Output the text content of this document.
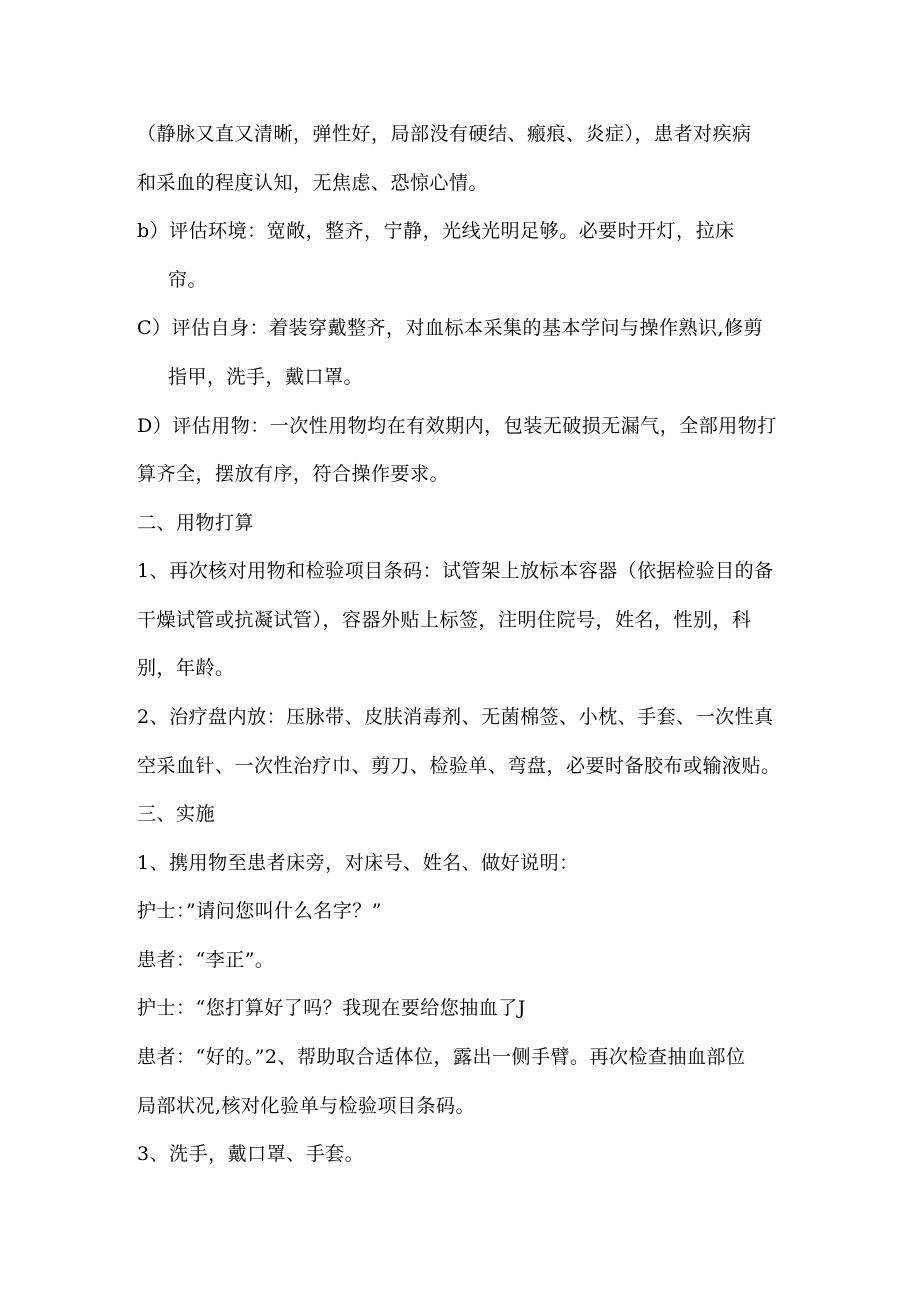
（静脉又直又清晰，弹性好，局部没有硬结、瘢痕、炎症），患者对疾病
和采血的程度认知，无焦虑、恐惊心情。
b）评估环境：宽敞，整齐，宁静，光线光明足够。必要时开灯，拉床
帘。
C）评估自身：着装穿戴整齐，对血标本采集的基本学问与操作熟识,修剪
指甲，洗手，戴口罩。
D）评估用物：一次性用物均在有效期内，包装无破损无漏气，全部用物打
算齐全，摆放有序，符合操作要求。
二、用物打算
1、再次核对用物和检验项目条码：试管架上放标本容器（依据检验目的备
干燥试管或抗凝试管），容器外贴上标签，注明住院号，姓名，性别，科
别，年龄。
2、治疗盘内放：压脉带、皮肤消毒剂、无菌棉签、小枕、手套、一次性真
空采血针、一次性治疗巾、剪刀、检验单、弯盘，必要时备胶布或输液贴。
三、实施
1、携用物至患者床旁，对床号、姓名、做好说明：
护士：”请问您叫什么名字？”
患者：“李正”。
护士：“您打算好了吗？我现在要给您抽血了J
患者：“好的。”2、帮助取合适体位，露出一侧手臂。再次检查抽血部位
局部状况,核对化验单与检验项目条码。
3、洗手，戴口罩、手套。
